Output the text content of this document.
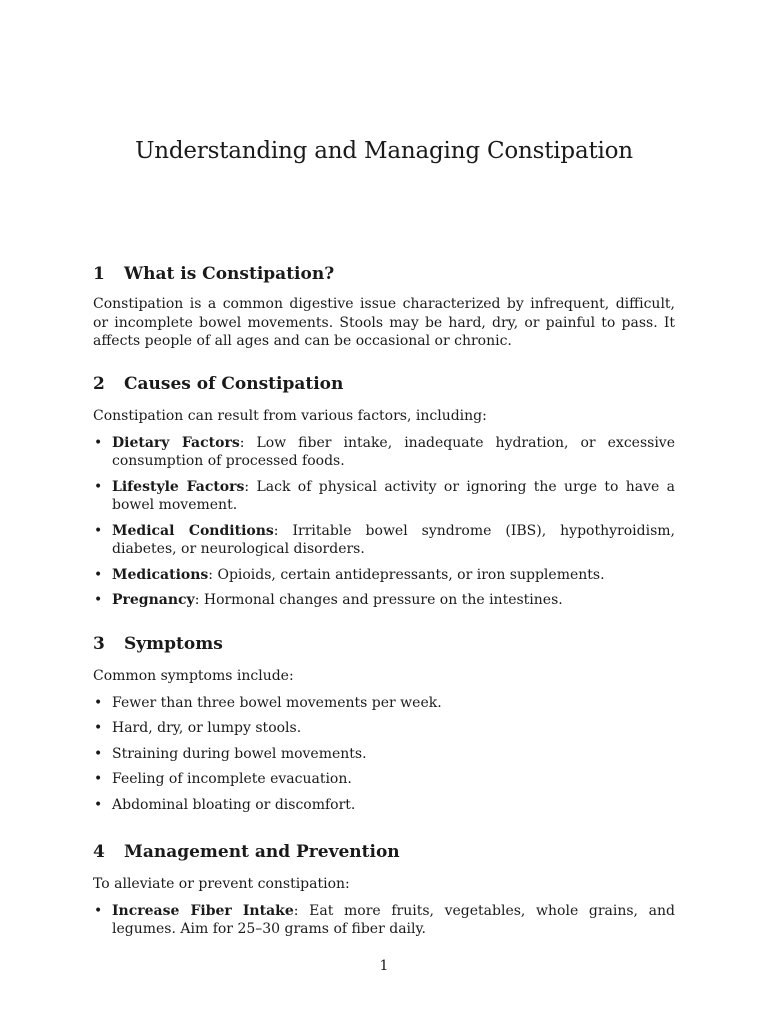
Understanding and Managing Constipation
1 What is Constipation?

Constipation is a common digestive issue characterized by infrequent, difficult, or incomplete bowel movements. Stools may be hard, dry, or painful to pass. It affects people of all ages and can be occasional or chronic.

2 Causes of Constipation

Constipation can result from various factors, including:

• Dietary Factors: Low fiber intake, inadequate hydration, or excessive consumption of processed foods.
• Lifestyle Factors: Lack of physical activity or ignoring the urge to have a bowel movement.
• Medical Conditions: Irritable bowel syndrome (IBS), hypothyroidism, diabetes, or neurological disorders.
• Medications: Opioids, certain antidepressants, or iron supplements.
• Pregnancy: Hormonal changes and pressure on the intestines.
3 Symptoms

Common symptoms include:

• Fewer than three bowel movements per week.
• Hard, dry, or lumpy stools.
• Straining during bowel movements.
• Feeling of incomplete evacuation.
• Abdominal bloating or discomfort.
4 Management and Prevention

To alleviate or prevent constipation:

• Increase Fiber Intake: Eat more fruits, vegetables, whole grains, and legumes. Aim for 25–30 grams of fiber daily.

1
